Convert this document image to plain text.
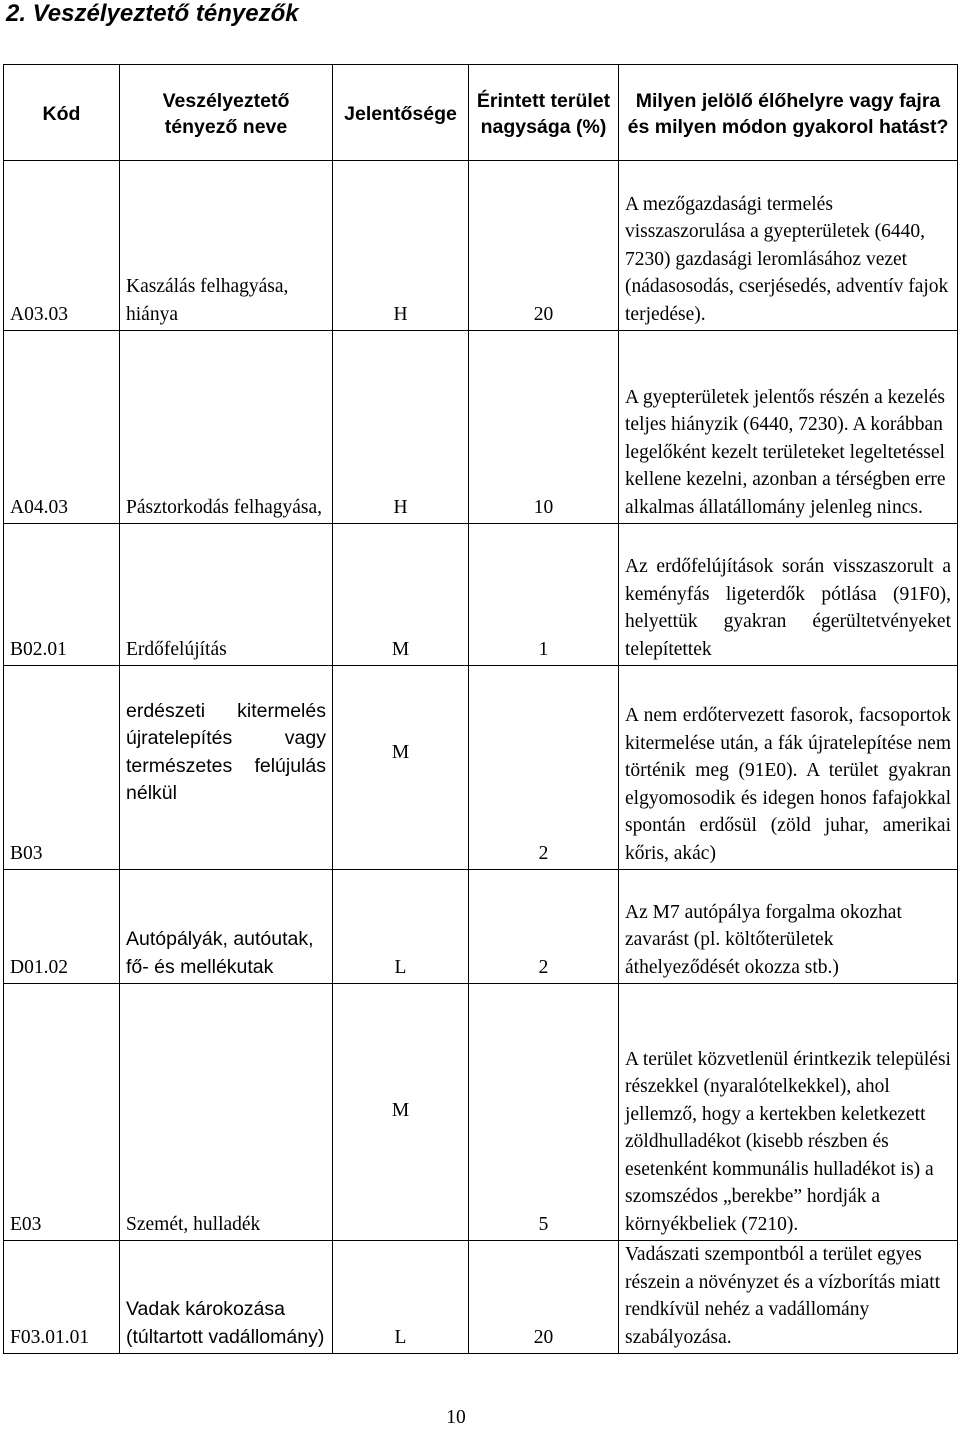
2. Veszélyeztető tényezők
Kód	Veszélyeztető tényező neve	Jelentősége	Érintett terület nagysága (%)	Milyen jelölő élőhelyre vagy fajra és milyen módon gyakorol hatást?
A03.03	Kaszálás felhagyása, hiánya	H	20	A mezőgazdasági termelés visszaszorulása a gyepterületek (6440, 7230) gazdasági leromlásához vezet (nádasosodás, cserjésedés, adventív fajok terjedése).
A04.03	Pásztorkodás felhagyása,	H	10	A gyepterületek jelentős részén a kezelés teljes hiányzik (6440, 7230). A korábban legelőként kezelt területeket legeltetéssel kellene kezelni, azonban a térségben erre alkalmas állatállomány jelenleg nincs.
B02.01	Erdőfelújítás	M	1	Az erdőfelújítások során visszaszorult a keményfás ligeterdők pótlása (91F0), helyettük gyakran égerültetvényeket telepítettek
B03	erdészeti kitermelés újratelepítés vagy természetes felújulás nélkül	M	2	A nem erdőtervezett fasorok, facsoportok kitermelése után, a fák újratelepítése nem történik meg (91E0). A terület gyakran elgyomosodik és idegen honos fafajokkal spontán erdősül (zöld juhar, amerikai kőris, akác)
D01.02	Autópályák, autóutak, fő- és mellékutak	L	2	Az M7 autópálya forgalma okozhat zavarást (pl. költőterületek áthelyeződését okozza stb.)
E03	Szemét, hulladék	M	5	A terület közvetlenül érintkezik települési részekkel (nyaralótelkekkel), ahol jellemző, hogy a kertekben keletkezett zöldhulladékot (kisebb részben és esetenként kommunális hulladékot is) a szomszédos „berekbe” hordják a környékbeliek (7210).
F03.01.01	Vadak károkozása (túltartott vadállomány)	L	20	Vadászati szempontból a terület egyes részein a növényzet és a vízborítás miatt rendkívül nehéz a vadállomány szabályozása.
10
